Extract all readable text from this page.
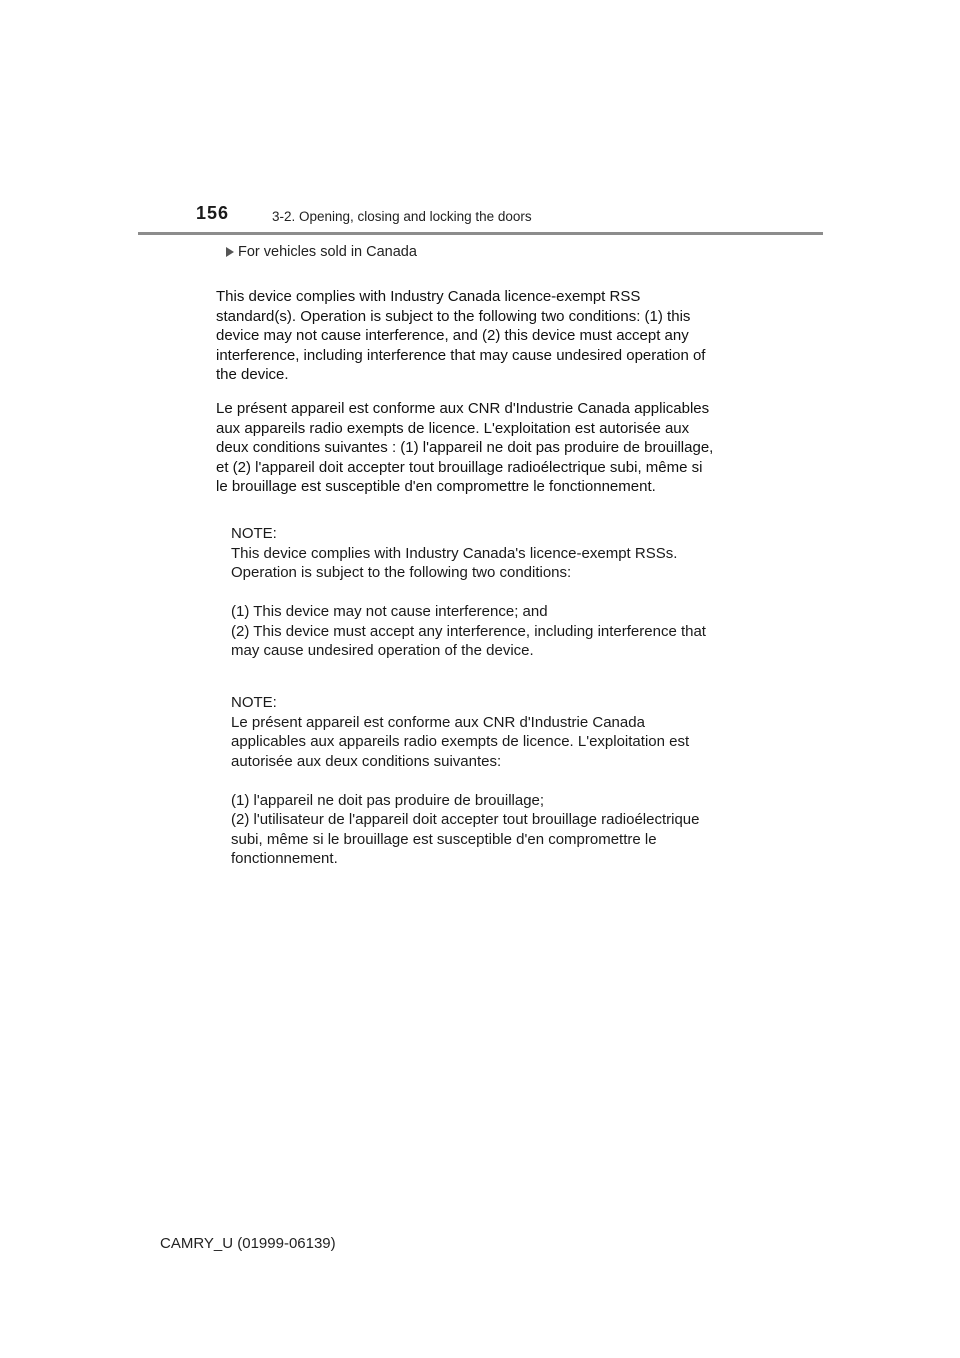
156	3-2. Opening, closing and locking the doors
For vehicles sold in Canada

This device complies with Industry Canada licence-exempt RSS

standard(s). Operation is subject to the following two conditions: (1) this

device may not cause interference, and (2) this device must accept any

interference, including interference that may cause undesired operation of

the device.

Le présent appareil est conforme aux CNR d'Industrie Canada applicables

aux appareils radio exempts de licence. L'exploitation est autorisée aux

deux conditions suivantes : (1) l'appareil ne doit pas produire de brouillage,

et (2) l'appareil doit accepter tout brouillage radioélectrique subi, même si

le brouillage est susceptible d'en compromettre le fonctionnement.

NOTE:

This device complies with Industry Canada's licence-exempt RSSs.

Operation is subject to the following two conditions:

(1) This device may not cause interference; and

(2) This device must accept any interference, including interference that

may cause undesired operation of the device.

NOTE:

Le présent appareil est conforme aux CNR d'Industrie Canada

applicables aux appareils radio exempts de licence. L'exploitation est

autorisée aux deux conditions suivantes:

(1) l'appareil ne doit pas produire de brouillage;

(2) l'utilisateur de l'appareil doit accepter tout brouillage radioélectrique

subi, même si le brouillage est susceptible d'en compromettre le

fonctionnement.

CAMRY_U (01999-06139)
